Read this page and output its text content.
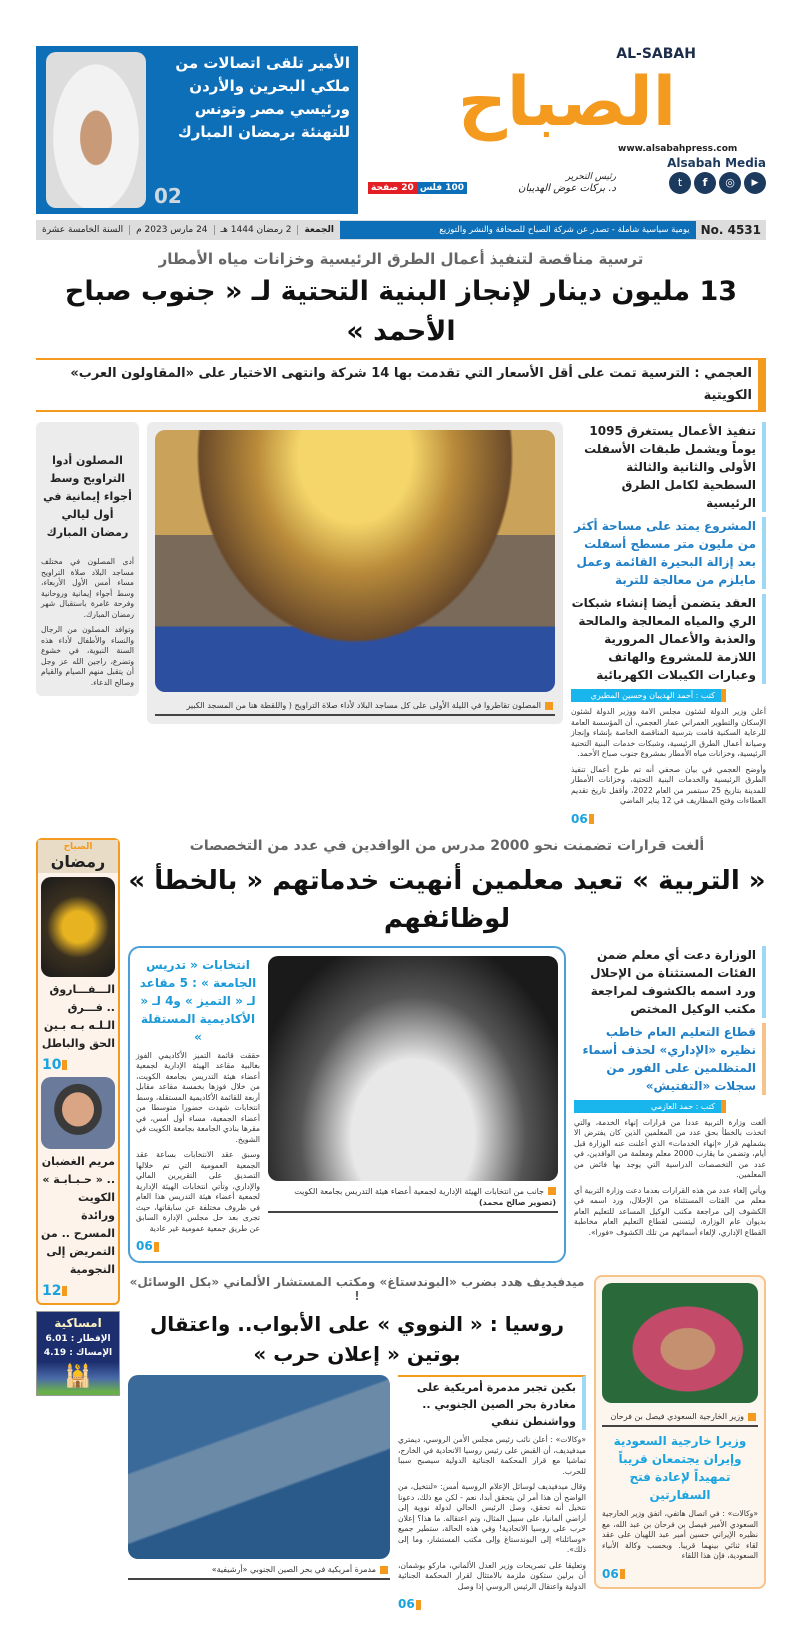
AL-SABAH
الصباح
www.alsabahpress.com
Alsabah Media
t	f	◎	▶
رئيس التحرير
د. بركات عوض الهديبان
100 فلس
20 صفحة
الأمير تلقى اتصالات من ملكي البحرين والأردن ورئيسي مصر وتونس للتهنئة برمضان المبارك
02
No. 4531
يومية سياسية شاملة - تصدر عن شركة الصباح للصحافة والنشر والتوزيع
الجمعة
2 رمضان 1444 هـ
24 مارس 2023 م
السنة الخامسة عشرة
ترسية مناقصة لتنفيذ أعمال الطرق الرئيسية وخزانات مياه الأمطار
13 مليون دينار لإنجاز البنية التحتية لـ « جنوب صباح الأحمد »
العجمي : الترسية تمت على أقل الأسعار التي تقدمت بها 14 شركة وانتهى الاختيار على «المقاولون العرب» الكويتية
تنفيذ الأعمال يستغرق 1095 يوماً ويشمل طبقات الأسفلت الأولى والثانية والثالثة السطحية لكامل الطرق الرئيسية
المشروع يمتد على مساحة أكثر من مليون متر مسطح أسفلت بعد إزالة البحيرة القائمة وعمل مايلزم من معالجة للتربة
العقد يتضمن أيضا إنشاء شبكات الري والمياه المعالجة والمالحة والعذبة والأعمال المرورية اللازمة للمشروع والهاتف وعبارات الكيبلات الكهربائية
كتب : أحمد الهديبان وحسين المطيري
أعلن وزير الدولة لشئون مجلس الامة ووزير الدولة لشئون الإسكان والتطوير العمراني عمار العجمي، أن المؤسسة العامة للرعاية السكنية قامت بترسية المناقصة الخاصة بإنشاء وإنجاز وصيانة أعمال الطرق الرئيسية، وشبكات خدمات البنية التحتية الرئيسية، وخزانات مياه الأمطار بمشروع جنوب صباح الأحمد.
وأوضح العجمي في بيان صحفي أنه تم طرح أعمال تنفيذ الطرق الرئيسية والخدمات البنية التحتية، وخزانات الأمطار للمدينة بتاريخ 25 سبتمبر من العام 2022، وأقفل تاريخ تقديم العطاءات وفتح المظاريف في 12 يناير الماضي
06
المصلون تقاطروا في الليلة الأولى على كل مساجد البلاد لأداء صلاة التراويح ( واللقطة هنا من المسجد الكبير
المصلون أدوا التراويح وسط أجواء إيمانية في أول ليالي رمضان المبارك
أدى المصلون في مختلف مساجد البلاد صلاة التراويح مساء أمس الأول الأربعاء، وسط أجواء إيمانية وروحانية وفرحة غامرة باستقبال شهر رمضان المبارك.
وتوافد المصلون من الرجال والنساء والأطفال لأداء هذه السنة النبوية، في خشوع وتضرع، راجين الله عز وجل أن يتقبل منهم الصيام والقيام وصالح الدعاء.
ألغت قرارات تضمنت نحو 2000 مدرس من الوافدين في عدد من التخصصات
« التربية » تعيد معلمين أنهيت خدماتهم « بالخطأ » لوظائفهم
الوزارة دعت أي معلم ضمن الفئات المستثناة من الإحلال ورد اسمه بالكشوف لمراجعة مكتب الوكيل المختص
قطاع التعليم العام خاطب نظيره «الإداري» لحذف أسماء المتظلمين على الفور من سجلات «التفتيش»
كتب : حمد العازمي
ألغت وزارة التربية عددا من قرارات إنهاء الخدمة، والتي اتخذت بالخطأ بحق عدد من المعلمين الذين كان يفترض الا يشملهم قرار «إنهاء الخدمات» الذي أعلنت عنه الوزارة قبل أيام، وتضمن ما يقارب 2000 معلم ومعلمة من الوافدين، في عدد من التخصصات الدراسية التي يوجد بها فائض من المعلمين.
ويأتي إلغاء عدد من هذه القرارات بعدما دعت وزارة التربية أي معلم من الفئات المستثناة من الإحلال، ورد اسمه في الكشوف إلى مراجعة مكتب الوكيل المساعد للتعليم العام بديوان عام الوزارة، ليتسنى لقطاع التعليم العام مخاطبة القطاع الإداري، لإلغاء أسمائهم من تلك الكشوف «فورا».
جانب من انتخابات الهيئة الإدارية لجمعية أعضاء هيئة التدريس بجامعة الكويت (تصوير صالح محمد)
انتخابات « تدريس الجامعة » : 5 مقاعد لـ « التميز » و4 لـ « الأكاديمية المستقلة »
حققت قائمة التميز الأكاديمي الفوز بغالبية مقاعد الهيئة الإدارية لجمعية أعضاء هيئة التدريس بجامعة الكويت، من خلال فوزها بخمسة مقاعد مقابل أربعة للقائمة الأكاديمية المستقلة، وسط انتخابات شهدت حضورا متوسطا من أعضاء الجمعية، مساء أول أمس، في مقرها بنادي الجامعة بجامعة الكويت في الشويخ.
وسبق عقد الانتخابات بساعة عقد الجمعية العمومية التي تم خلالها التصديق على التقريرين المالي والإداري، وتأتي انتخابات الهيئة الإدارية لجمعية أعضاء هيئة التدريس هذا العام في ظروف مختلفة عن سابقاتها، حيث تجرى بعد حل مجلس الإدارة السابق عن طريق جمعية عمومية غير عادية
06
وزير الخارجية السعودي فيصل بن فرحان
وزيرا خارجية السعودية وإيران يجتمعان قريباً تمهيداً لإعادة فتح السفارتين
«وكالات» : في اتصال هاتفي، اتفق وزير الخارجية السعودي الأمير فيصل بن فرحان بن عبد الله، مع نظيره الإيراني حسين أمير عبد اللهيان على عقد لقاء ثنائي بينهما قريبا. وبحسب وكالة الأنباء السعودية، فإن هذا اللقاء
06
ميدفيديف هدد بضرب «البوندستاغ» ومكتب المستشار الألماني «بكل الوسائل» !
روسيا : « النووي » على الأبواب.. واعتقال بوتين « إعلان حرب »
بكين تجبر مدمرة أمريكية على مغادرة بحر الصين الجنوبي .. وواشنطن تنفي
«وكالات» : أعلن نائب رئيس مجلس الأمن الروسي، ديمتري ميدفيديف، أن القبض على رئيس روسيا الاتحادية في الخارج، تماشيا مع قرار المحكمة الجنائية الدولية سيصبح سببا للحرب.
وقال ميدفيديف لوسائل الإعلام الروسية أمس: «لنتخيل، من الواضح أن هذا أمر لن يتحقق أبدا، نعم - لكن مع ذلك، دعونا نتخيل أنه تحقق، وصل الرئيس الحالي لدولة نووية إلى أراضي ألمانيا، على سبيل المثال، وتم اعتقاله. ما هذا؟ إعلان حرب على روسيا الاتحادية! وفي هذه الحالة، ستطير جميع «وسائلنا» إلى البوندستاغ وإلى مكتب المستشار، وما إلى ذلك».
وتعليقا على تصريحات وزير العدل الألماني، ماركو بوشمان، أن برلين ستكون ملزمة بالامتثال لقرار المحكمة الجنائية الدولية واعتقال الرئيس الروسي إذا وصل
06
مدمرة أمريكية في بحر الصين الجنوبي «أرشيفية»
الصباح
رمضان
الـــفـــاروق .. فـــرق الـلـه بـه بـين الحق والباطل
10
مريم الغضبان .. « حـبـابـة » الكويت ورائدة المسرح .. من التمريض إلى النجومية
12
امساكية
الإفطار : 6.01
الإمساك : 4.19
🕌
